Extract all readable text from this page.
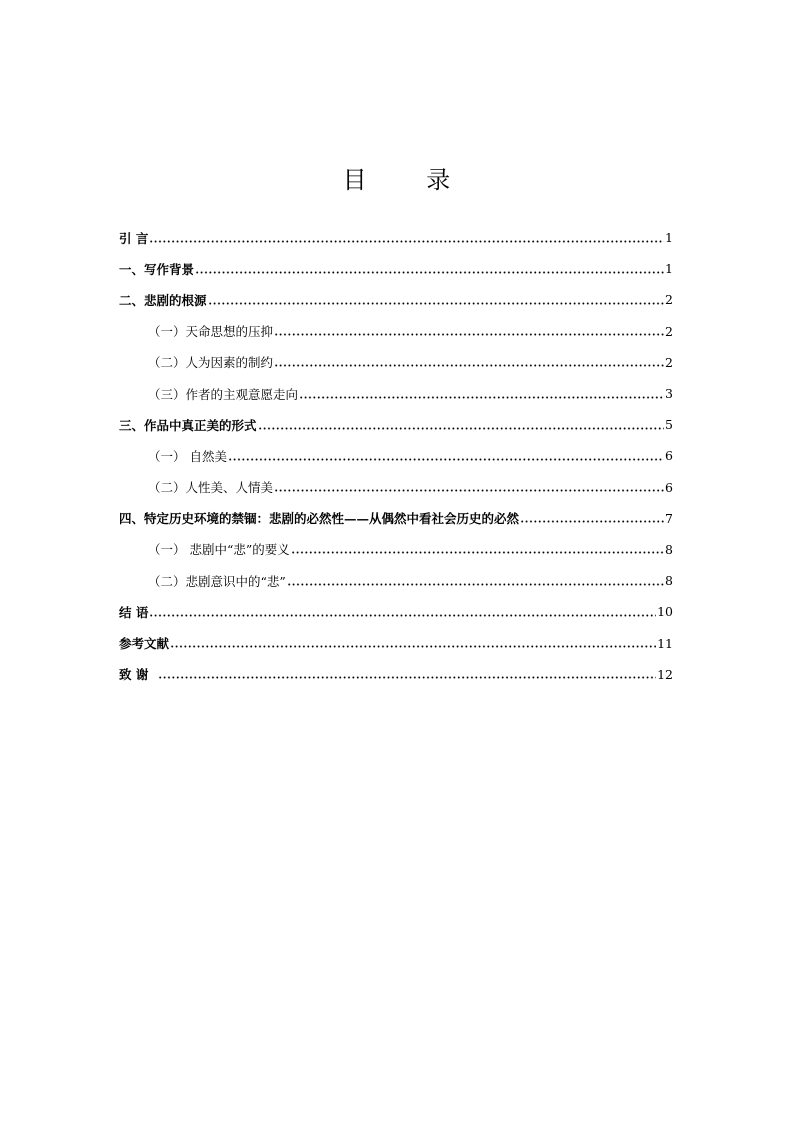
目 录
引 言	1
一、写作背景	1
二、悲剧的根源	2
（一）天命思想的压抑	2
（二）人为因素的制约	2
（三）作者的主观意愿走向	3
三、作品中真正美的形式	5
（一） 自然美	6
（二）人性美、人情美	6
四、特定历史环境的禁锢：悲剧的必然性——从偶然中看社会历史的必然	7
（一） 悲剧中“悲”的要义	8
（二）悲剧意识中的“悲”	8
结 语	10
参考文献	11
致 谢	12
